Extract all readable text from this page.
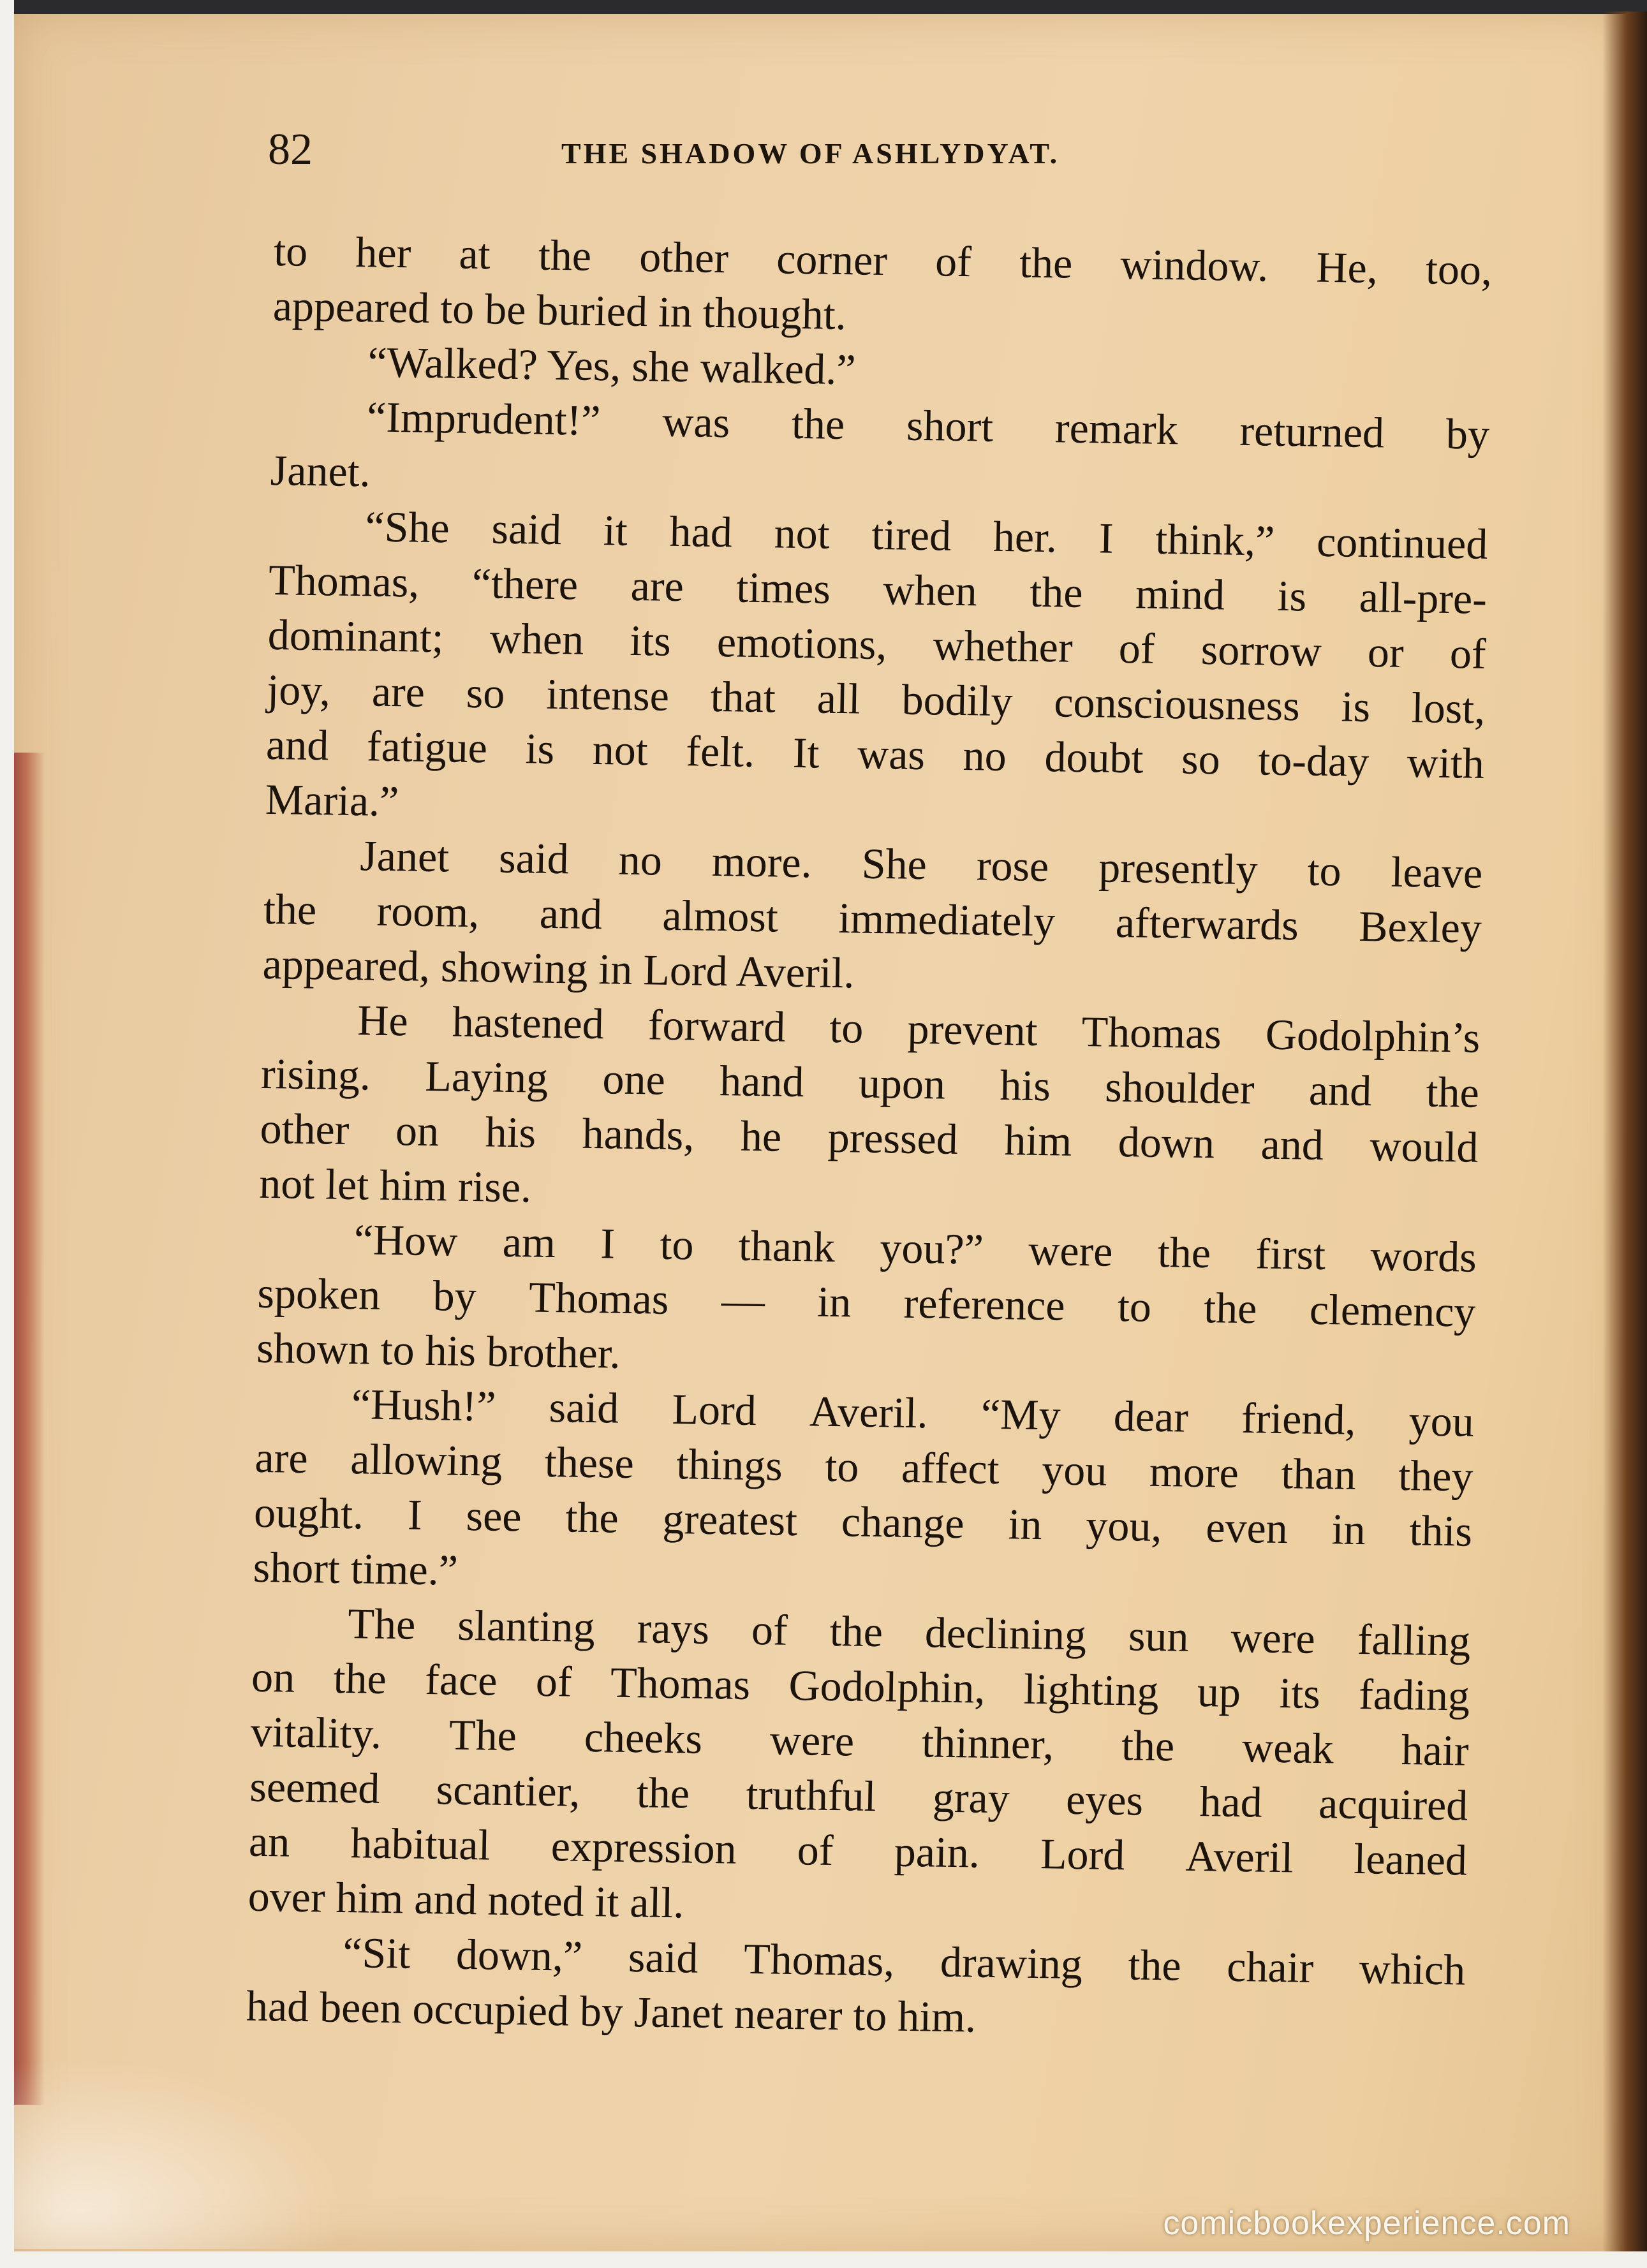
82	THE SHADOW OF ASHLYDYAT.
to her at the other corner of the window. He, too,
appeared to be buried in thought.
“Walked? Yes, she walked.”
“Imprudent!” was the short remark returned by
Janet.
“She said it had not tired her. I think,” continued
Thomas, “there are times when the mind is all-pre-
dominant; when its emotions, whether of sorrow or of
joy, are so intense that all bodily consciousness is lost,
and fatigue is not felt. It was no doubt so to-day with
Maria.”
Janet said no more. She rose presently to leave
the room, and almost immediately afterwards Bexley
appeared, showing in Lord Averil.
He hastened forward to prevent Thomas Godolphin’s
rising. Laying one hand upon his shoulder and the
other on his hands, he pressed him down and would
not let him rise.
“How am I to thank you?” were the first words
spoken by Thomas — in reference to the clemency
shown to his brother.
“Hush!” said Lord Averil. “My dear friend, you
are allowing these things to affect you more than they
ought. I see the greatest change in you, even in this
short time.”
The slanting rays of the declining sun were falling
on the face of Thomas Godolphin, lighting up its fading
vitality. The cheeks were thinner, the weak hair
seemed scantier, the truthful gray eyes had acquired
an habitual expression of pain. Lord Averil leaned
over him and noted it all.
“Sit down,” said Thomas, drawing the chair which
had been occupied by Janet nearer to him.
comicbookexperience.com
